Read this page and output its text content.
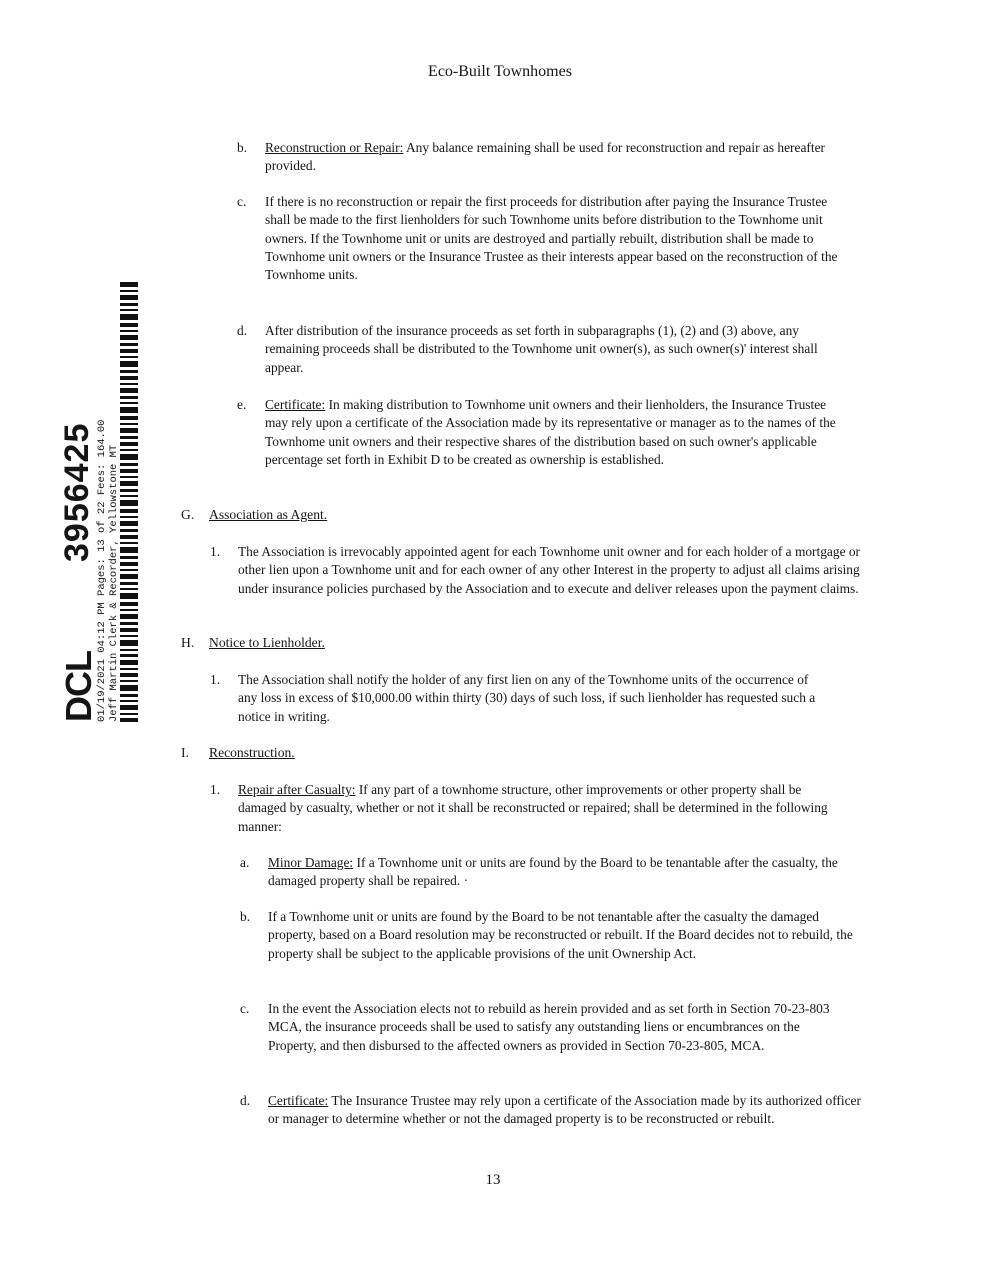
Eco-Built Townhomes
DCL
3956425 01/19/2021 04:12 PM Pages: 13 of 22 Fees: 164.00 Jeff Martin Clerk & Recorder, Yellowstone MT
b. Reconstruction or Repair: Any balance remaining shall be used for reconstruction and repair as hereafter provided.
c. If there is no reconstruction or repair the first proceeds for distribution after paying the Insurance Trustee shall be made to the first lienholders for such Townhome units before distribution to the Townhome unit owners. If the Townhome unit or units are destroyed and partially rebuilt, distribution shall be made to Townhome unit owners or the Insurance Trustee as their interests appear based on the reconstruction of the Townhome units.
d. After distribution of the insurance proceeds as set forth in subparagraphs (1), (2) and (3) above, any remaining proceeds shall be distributed to the Townhome unit owner(s), as such owner(s)' interest shall appear.
e. Certificate: In making distribution to Townhome unit owners and their lienholders, the Insurance Trustee may rely upon a certificate of the Association made by its representative or manager as to the names of the Townhome unit owners and their respective shares of the distribution based on such owner's applicable percentage set forth in Exhibit D to be created as ownership is established.
G. Association as Agent.
1. The Association is irrevocably appointed agent for each Townhome unit owner and for each holder of a mortgage or other lien upon a Townhome unit and for each owner of any other Interest in the property to adjust all claims arising under insurance policies purchased by the Association and to execute and deliver releases upon the payment claims.
H. Notice to Lienholder.
1. The Association shall notify the holder of any first lien on any of the Townhome units of the occurrence of any loss in excess of $10,000.00 within thirty (30) days of such loss, if such lienholder has requested such a notice in writing.
I. Reconstruction.
1. Repair after Casualty: If any part of a townhome structure, other improvements or other property shall be damaged by casualty, whether or not it shall be reconstructed or repaired; shall be determined in the following manner:
a. Minor Damage: If a Townhome unit or units are found by the Board to be tenantable after the casualty, the damaged property shall be repaired. ·
b. If a Townhome unit or units are found by the Board to be not tenantable after the casualty the damaged property, based on a Board resolution may be reconstructed or rebuilt. If the Board decides not to rebuild, the property shall be subject to the applicable provisions of the unit Ownership Act.
c. In the event the Association elects not to rebuild as herein provided and as set forth in Section 70-23-803 MCA, the insurance proceeds shall be used to satisfy any outstanding liens or encumbrances on the Property, and then disbursed to the affected owners as provided in Section 70-23-805, MCA.
d. Certificate: The Insurance Trustee may rely upon a certificate of the Association made by its authorized officer or manager to determine whether or not the damaged property is to be reconstructed or rebuilt.
13
